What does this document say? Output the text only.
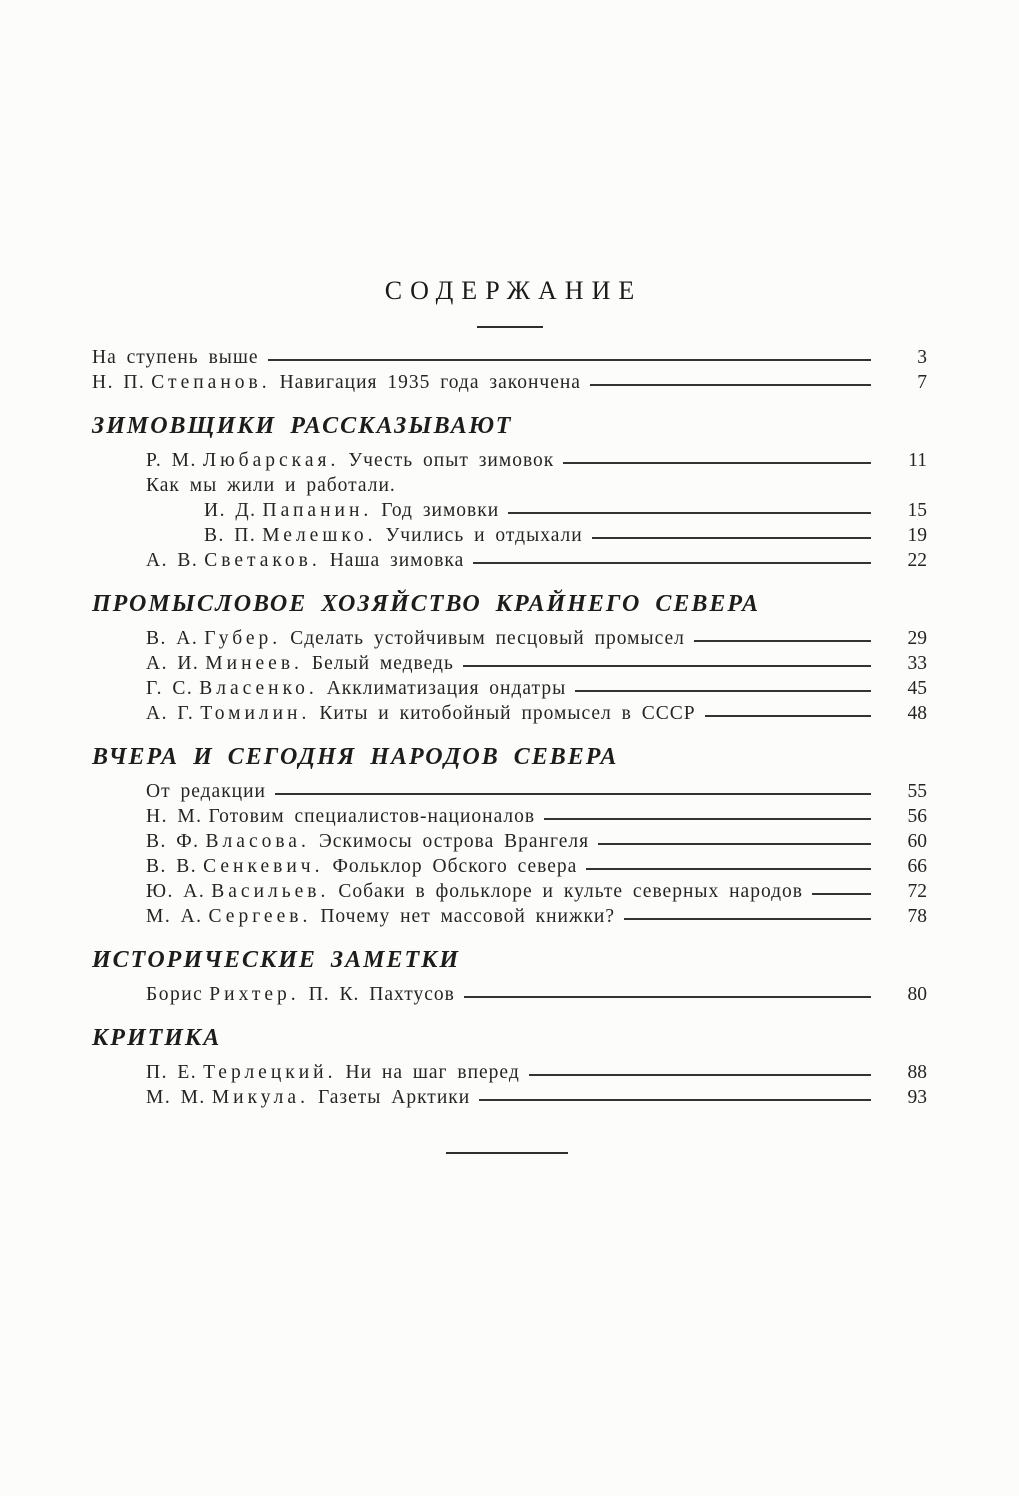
СОДЕРЖАНИЕ
На ступень выше	3
Н. П. Степанов. Навигация 1935 года закончена	7
ЗИМОВЩИКИ РАССКАЗЫВАЮТ
Р. М. Любарская. Учесть опыт зимовок	11
Как мы жили и работали.
И. Д. Папанин. Год зимовки	15
В. П. Мелешко. Учились и отдыхали	19
А. В. Светаков. Наша зимовка	22
ПРОМЫСЛОВОЕ ХОЗЯЙСТВО КРАЙНЕГО СЕВЕРА
В. А. Губер. Сделать устойчивым песцовый промысел	29
А. И. Минеев. Белый медведь	33
Г. С. Власенко. Акклиматизация ондатры	45
А. Г. Томилин. Киты и китобойный промысел в СССР	48
ВЧЕРА И СЕГОДНЯ НАРОДОВ СЕВЕРА
От редакции	55
Н. М. Готовим специалистов-националов	56
В. Ф. Власова. Эскимосы острова Врангеля	60
В. В. Сенкевич. Фольклор Обского севера	66
Ю. А. Васильев. Собаки в фольклоре и культе северных народов	72
М. А. Сергеев. Почему нет массовой книжки?	78
ИСТОРИЧЕСКИЕ ЗАМЕТКИ
Борис Рихтер. П. К. Пахтусов	80
КРИТИКА
П. Е. Терлецкий. Ни на шаг вперед	88
М. М. Микула. Газеты Арктики	93
